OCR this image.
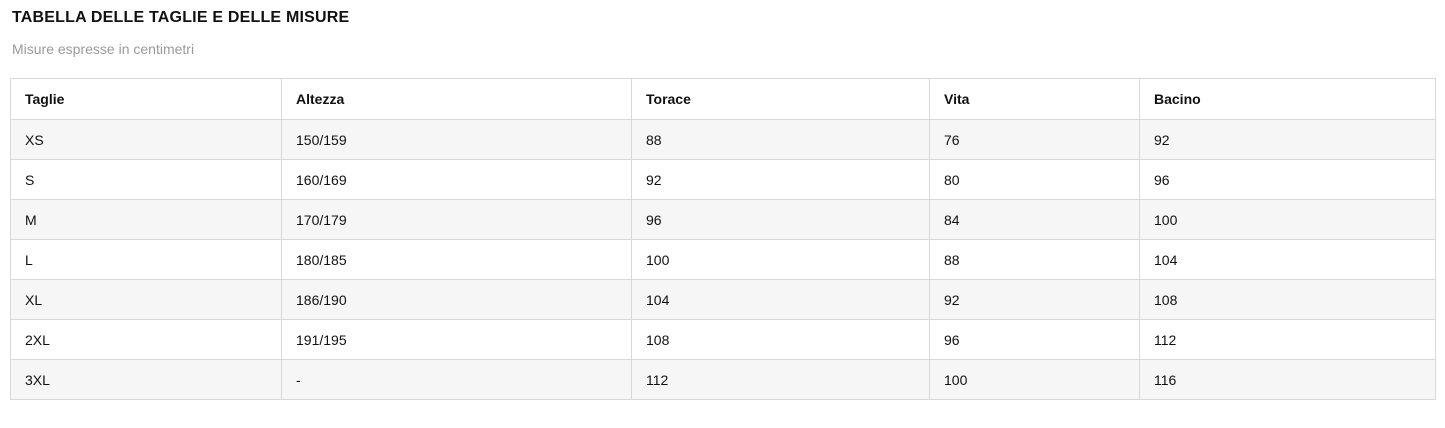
TABELLA DELLE TAGLIE E DELLE MISURE

Misure espresse in centimetri

Taglie	Altezza	Torace	Vita	Bacino
XS	150/159	88	76	92
S	160/169	92	80	96
M	170/179	96	84	100
L	180/185	100	88	104
XL	186/190	104	92	108
2XL	191/195	108	96	112
3XL	-	112	100	116
